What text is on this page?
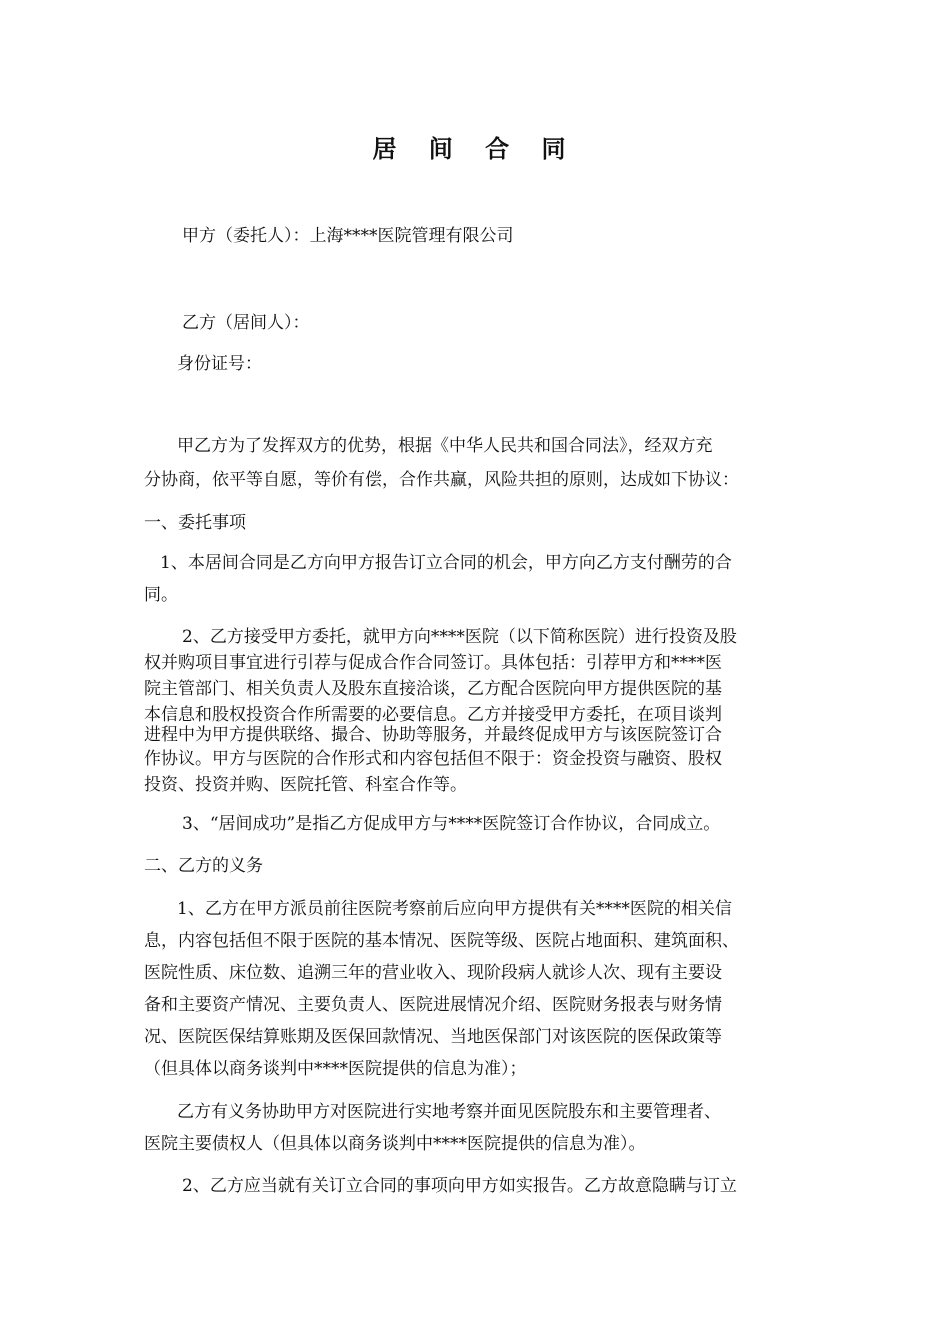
居 间 合 同
甲方（委托人）：上海****医院管理有限公司
乙方（居间人）：
身份证号：
甲乙方为了发挥双方的优势，根据《中华人民共和国合同法》，经双方充
分协商，依平等自愿，等价有偿，合作共赢，风险共担的原则，达成如下协议：
一、委托事项
1、本居间合同是乙方向甲方报告订立合同的机会，甲方向乙方支付酬劳的合
同。
2、乙方接受甲方委托，就甲方向****医院（以下简称医院）进行投资及股
权并购项目事宜进行引荐与促成合作合同签订。具体包括：引荐甲方和****医
院主管部门、相关负责人及股东直接洽谈，乙方配合医院向甲方提供医院的基
本信息和股权投资合作所需要的必要信息。乙方并接受甲方委托，在项目谈判
进程中为甲方提供联络、撮合、协助等服务，并最终促成甲方与该医院签订合
作协议。甲方与医院的合作形式和内容包括但不限于：资金投资与融资、股权
投资、投资并购、医院托管、科室合作等。
3、“居间成功”是指乙方促成甲方与****医院签订合作协议，合同成立。
二、乙方的义务
1、乙方在甲方派员前往医院考察前后应向甲方提供有关****医院的相关信
息，内容包括但不限于医院的基本情况、医院等级、医院占地面积、建筑面积、
医院性质、床位数、追溯三年的营业收入、现阶段病人就诊人次、现有主要设
备和主要资产情况、主要负责人、医院进展情况介绍、医院财务报表与财务情
况、医院医保结算账期及医保回款情况、当地医保部门对该医院的医保政策等
（但具体以商务谈判中****医院提供的信息为准）；
乙方有义务协助甲方对医院进行实地考察并面见医院股东和主要管理者、
医院主要债权人（但具体以商务谈判中****医院提供的信息为准）。
2、乙方应当就有关订立合同的事项向甲方如实报告。乙方故意隐瞒与订立
